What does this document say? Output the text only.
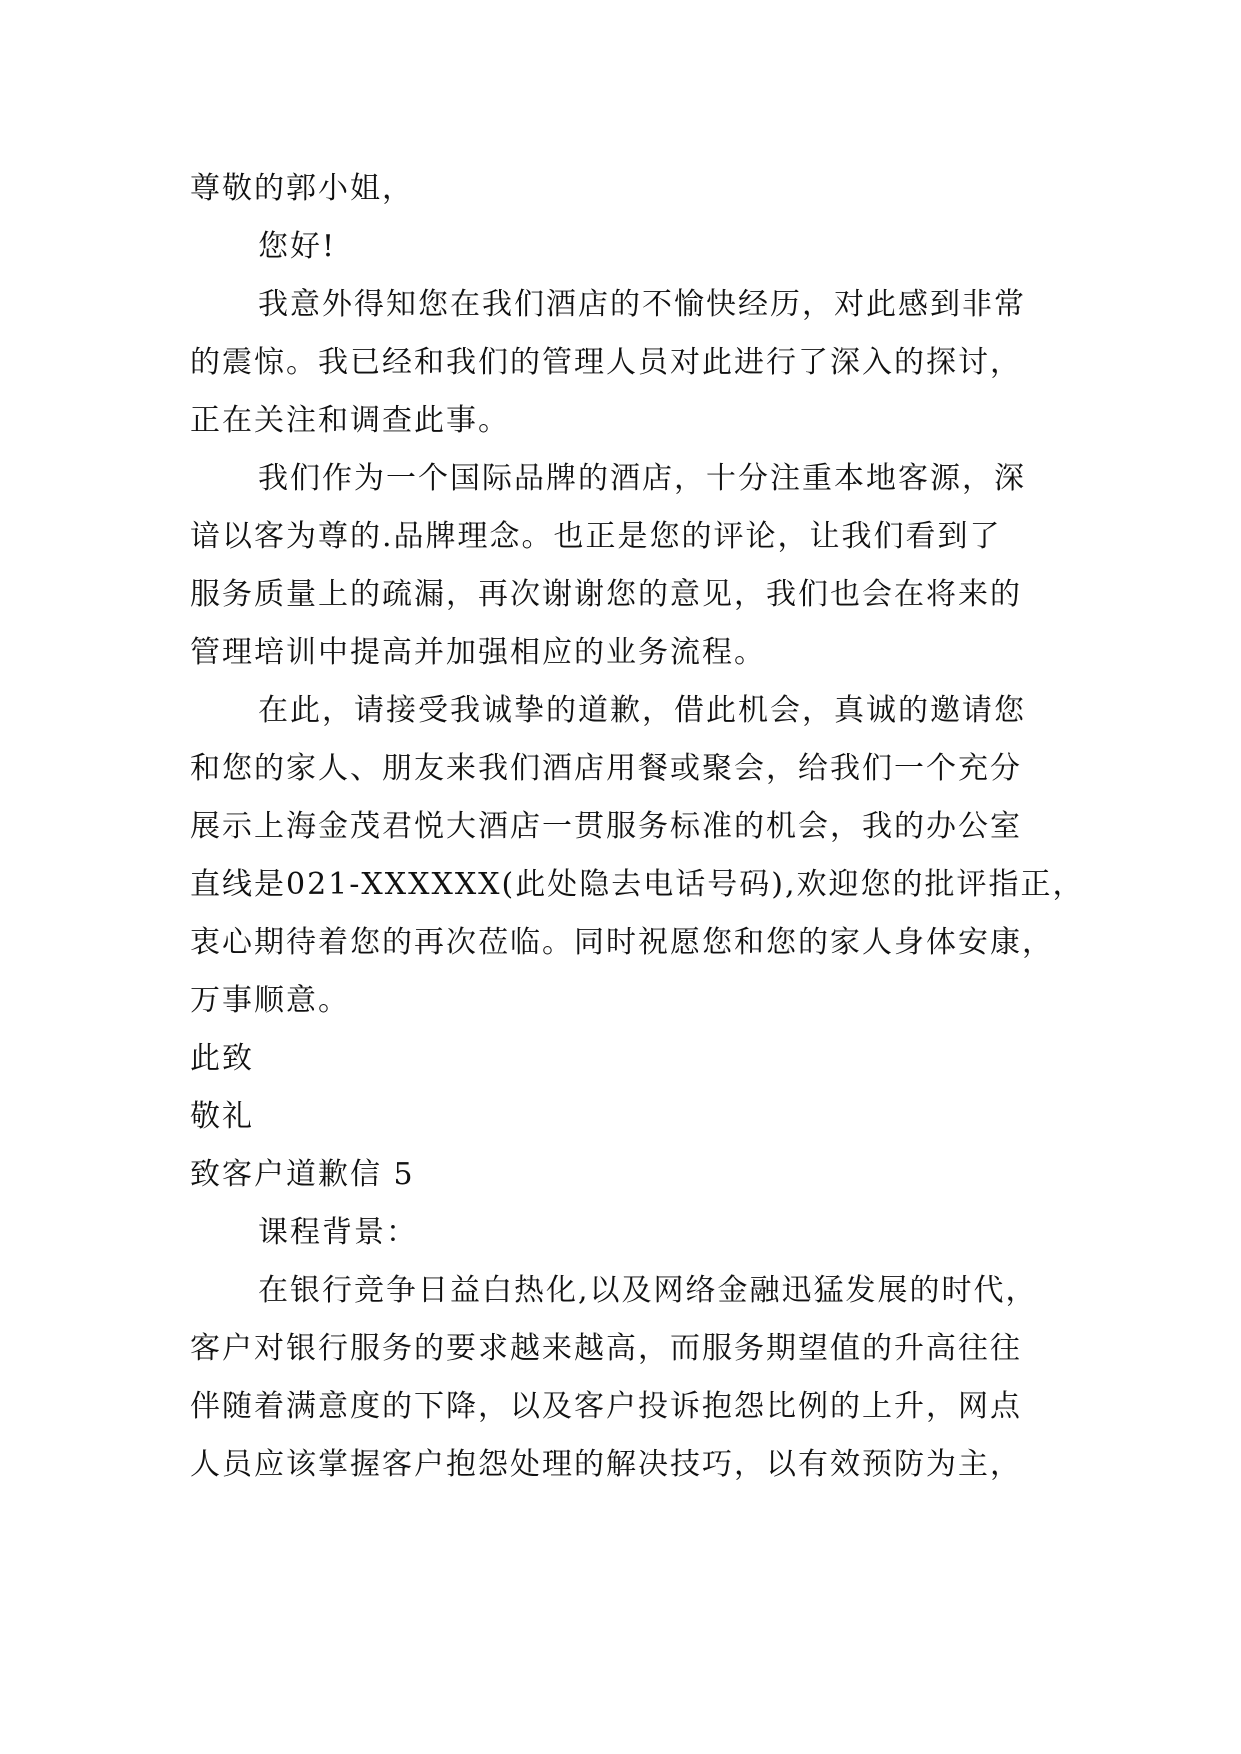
尊敬的郭小姐，
您好!
我意外得知您在我们酒店的不愉快经历，对此感到非常
的震惊。我已经和我们的管理人员对此进行了深入的探讨，
正在关注和调查此事。
我们作为一个国际品牌的酒店，十分注重本地客源，深
谙以客为尊的.品牌理念。也正是您的评论，让我们看到了
服务质量上的疏漏，再次谢谢您的意见，我们也会在将来的
管理培训中提高并加强相应的业务流程。
在此，请接受我诚挚的道歉，借此机会，真诚的邀请您
和您的家人、朋友来我们酒店用餐或聚会，给我们一个充分
展示上海金茂君悦大酒店一贯服务标准的机会，我的办公室
直线是021-XXXXXX(此处隐去电话号码),欢迎您的批评指正，
衷心期待着您的再次莅临。同时祝愿您和您的家人身体安康，
万事顺意。
此致
敬礼
致客户道歉信 5
课程背景：
在银行竞争日益白热化,以及网络金融迅猛发展的时代，
客户对银行服务的要求越来越高，而服务期望值的升高往往
伴随着满意度的下降，以及客户投诉抱怨比例的上升，网点
人员应该掌握客户抱怨处理的解决技巧，以有效预防为主，
